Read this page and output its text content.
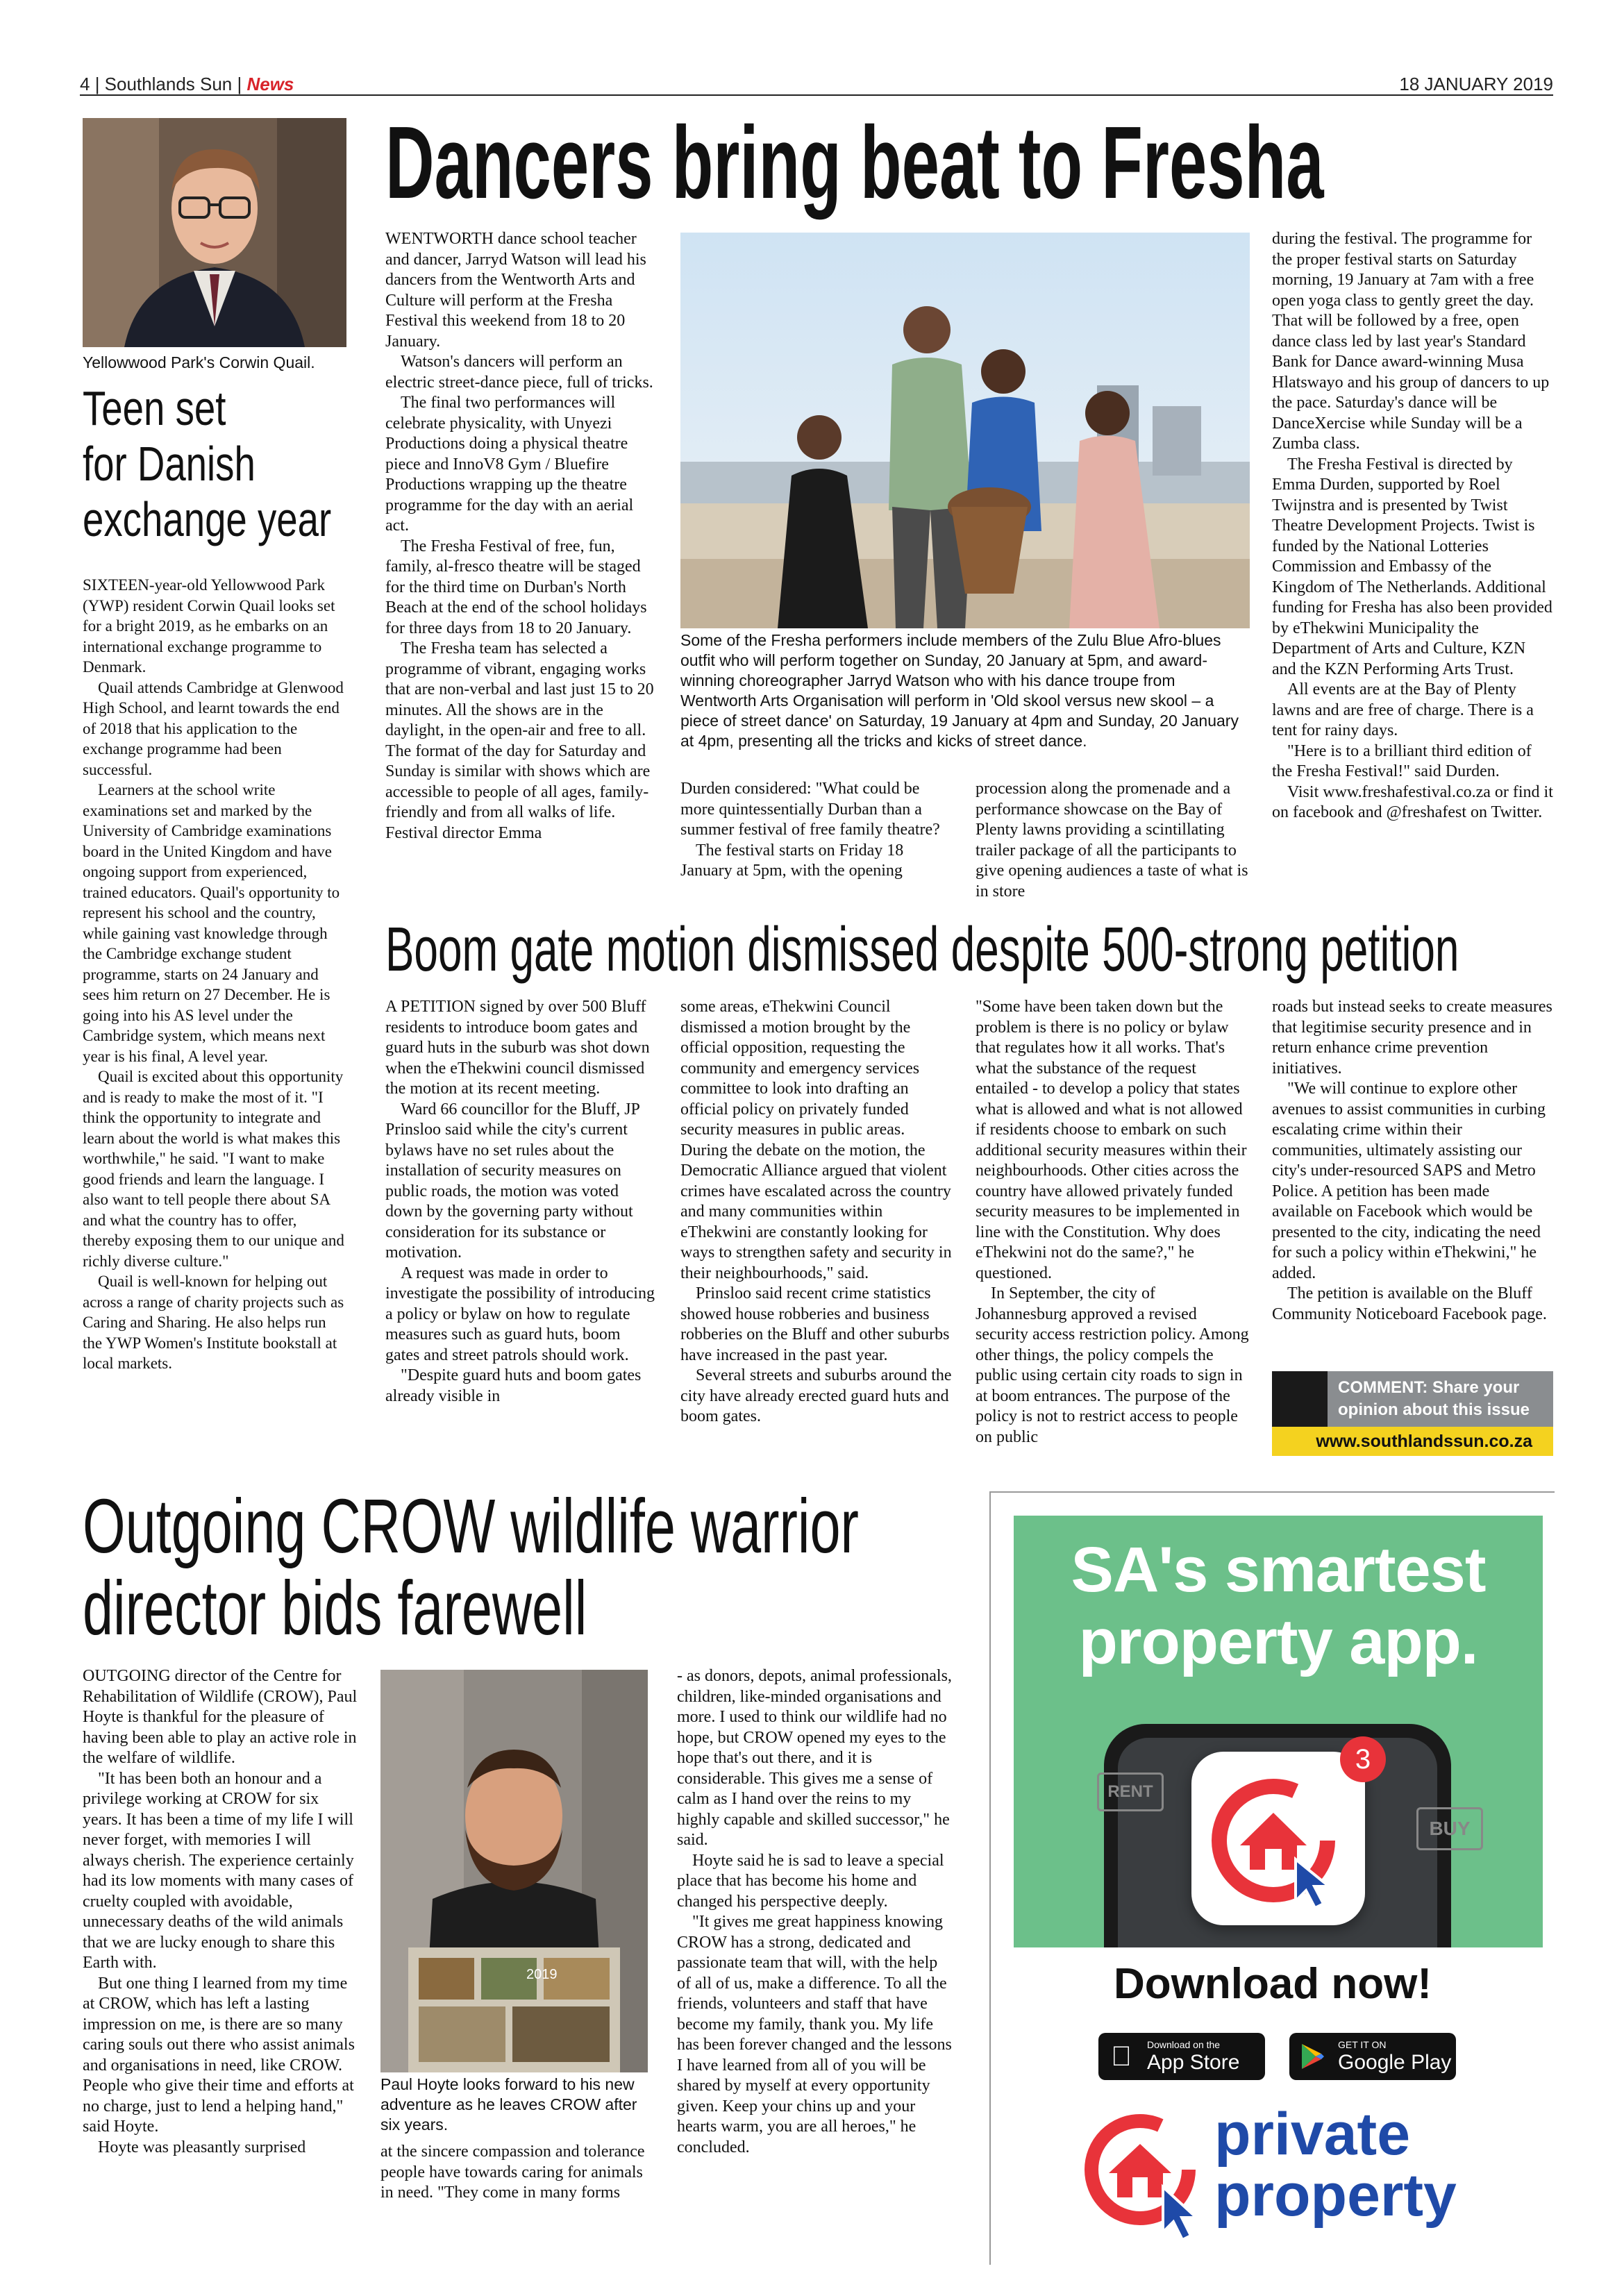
4 | Southlands Sun | News	18 JANUARY 2019
Yellowwood Park's Corwin Quail.
Teen set
for Danish
exchange year

SIXTEEN-year-old Yellowwood Park (YWP) resident Corwin Quail looks set for a bright 2019, as he embarks on an international exchange programme to Denmark.

Quail attends Cambridge at Glenwood High School, and learnt towards the end of 2018 that his application to the exchange programme had been successful.

Learners at the school write examinations set and marked by the University of Cambridge examinations board in the United Kingdom and have ongoing support from experienced, trained educators. Quail's opportunity to represent his school and the country, while gaining vast knowledge through the Cambridge exchange student programme, starts on 24 January and sees him return on 27 December. He is going into his AS level under the Cambridge system, which means next year is his final, A level year.

Quail is excited about this opportunity and is ready to make the most of it. "I think the opportunity to integrate and learn about the world is what makes this worthwhile," he said. "I want to make good friends and learn the language. I also want to tell people there about SA and what the country has to offer, thereby exposing them to our unique and richly diverse culture."

Quail is well-known for helping out across a range of charity projects such as Caring and Sharing. He also helps run the YWP Women's Institute bookstall at local markets.

Dancers bring beat to Fresha

WENTWORTH dance school teacher and dancer, Jarryd Watson will lead his dancers from the Wentworth Arts and Culture will perform at the Fresha Festival this weekend from 18 to 20 January.

Watson's dancers will perform an electric street-dance piece, full of tricks.

The final two performances will celebrate physicality, with Unyezi Productions doing a physical theatre piece and InnoV8 Gym / Bluefire Productions wrapping up the theatre programme for the day with an aerial act.

The Fresha Festival of free, fun, family, al-fresco theatre will be staged for the third time on Durban's North Beach at the end of the school holidays for three days from 18 to 20 January.

The Fresha team has selected a programme of vibrant, engaging works that are non-verbal and last just 15 to 20 minutes. All the shows are in the daylight, in the open-air and free to all. The format of the day for Saturday and Sunday is similar with shows which are accessible to people of all ages, family-friendly and from all walks of life. Festival director Emma

Some of the Fresha performers include members of the Zulu Blue Afro-blues outfit who will perform together on Sunday, 20 January at 5pm, and award-winning choreographer Jarryd Watson who with his dance troupe from Wentworth Arts Organisation will perform in 'Old skool versus new skool – a piece of street dance' on Saturday, 19 January at 4pm and Sunday, 20 January at 4pm, presenting all the tricks and kicks of street dance.

Durden considered: "What could be more quintessentially Durban than a summer festival of free family theatre?

The festival starts on Friday 18 January at 5pm, with the opening

procession along the promenade and a performance showcase on the Bay of Plenty lawns providing a scintillating trailer package of all the participants to give opening audiences a taste of what is in store

during the festival. The programme for the proper festival starts on Saturday morning, 19 January at 7am with a free open yoga class to gently greet the day. That will be followed by a free, open dance class led by last year's Standard Bank for Dance award-winning Musa Hlatswayo and his group of dancers to up the pace. Saturday's dance will be DanceXercise while Sunday will be a Zumba class.

The Fresha Festival is directed by Emma Durden, supported by Roel Twijnstra and is presented by Twist Theatre Development Projects. Twist is funded by the National Lotteries Commission and Embassy of the Kingdom of The Netherlands. Additional funding for Fresha has also been provided by eThekwini Municipality the Department of Arts and Culture, KZN and the KZN Performing Arts Trust.

All events are at the Bay of Plenty lawns and are free of charge. There is a tent for rainy days.

"Here is to a brilliant third edition of the Fresha Festival!" said Durden.

Visit www.freshafestival.co.za or find it on facebook and @freshafest on Twitter.

Boom gate motion dismissed despite 500-strong petition

A PETITION signed by over 500 Bluff residents to introduce boom gates and guard huts in the suburb was shot down when the eThekwini council dismissed the motion at its recent meeting.

Ward 66 councillor for the Bluff, JP Prinsloo said while the city's current bylaws have no set rules about the installation of security measures on public roads, the motion was voted down by the governing party without consideration for its substance or motivation.

A request was made in order to investigate the possibility of introducing a policy or bylaw on how to regulate measures such as guard huts, boom gates and street patrols should work.

"Despite guard huts and boom gates already visible in

some areas, eThekwini Council dismissed a motion brought by the official opposition, requesting the community and emergency services committee to look into drafting an official policy on privately funded security measures in public areas. During the debate on the motion, the Democratic Alliance argued that violent crimes have escalated across the country and many communities within eThekwini are constantly looking for ways to strengthen safety and security in their neighbourhoods," said.

Prinsloo said recent crime statistics showed house robberies and business robberies on the Bluff and other suburbs have increased in the past year.

Several streets and suburbs around the city have already erected guard huts and boom gates.

"Some have been taken down but the problem is there is no policy or bylaw that regulates how it all works. That's what the substance of the request entailed - to develop a policy that states what is allowed and what is not allowed if residents choose to embark on such additional security measures within their neighbourhoods. Other cities across the country have allowed privately funded security measures to be implemented in line with the Constitution. Why does eThekwini not do the same?," he questioned.

In September, the city of Johannesburg approved a revised security access restriction policy. Among other things, the policy compels the public using certain city roads to sign in at boom entrances. The purpose of the policy is not to restrict access to people on public

roads but instead seeks to create measures that legitimise security presence and in return enhance crime prevention initiatives.

"We will continue to explore other avenues to assist communities in curbing escalating crime within their communities, ultimately assisting our city's under-resourced SAPS and Metro Police. A petition has been made available on Facebook which would be presented to the city, indicating the need for such a policy within eThekwini," he added.

The petition is available on the Bluff Community Noticeboard Facebook page.

COMMENT: Share your
opinion about this issue
www.southlandssun.co.za
Outgoing CROW wildlife warrior
director bids farewell

OUTGOING director of the Centre for Rehabilitation of Wildlife (CROW), Paul Hoyte is thankful for the pleasure of having been able to play an active role in the welfare of wildlife.

"It has been both an honour and a privilege working at CROW for six years. It has been a time of my life I will never forget, with memories I will always cherish. The experience certainly had its low moments with many cases of cruelty coupled with avoidable, unnecessary deaths of the wild animals that we are lucky enough to share this Earth with.

But one thing I learned from my time at CROW, which has left a lasting impression on me, is there are so many caring souls out there who assist animals and organisations in need, like CROW. People who give their time and efforts at no charge, just to lend a helping hand," said Hoyte.

Hoyte was pleasantly surprised

2019
Paul Hoyte looks forward to his new adventure as he leaves CROW after six years.

at the sincere compassion and tolerance people have towards caring for animals in need. "They come in many forms

- as donors, depots, animal professionals, children, like-minded organisations and more. I used to think our wildlife had no hope, but CROW opened my eyes to the hope that's out there, and it is considerable. This gives me a sense of calm as I hand over the reins to my highly capable and skilled successor," he said.

Hoyte said he is sad to leave a special place that has become his home and changed his perspective deeply.

"It gives me great happiness knowing CROW has a strong, dedicated and passionate team that will, with the help of all of us, make a difference. To all the friends, volunteers and staff that have become my family, thank you. My life has been forever changed and the lessons I have learned from all of you will be shared by myself at every opportunity given. Keep your chins up and your hearts warm, you are all heroes," he concluded.

SA's smartest
property app.
RENT
BUY
3
Download now!
Download on the
App Store
GET IT ON
Google Play
private
property
